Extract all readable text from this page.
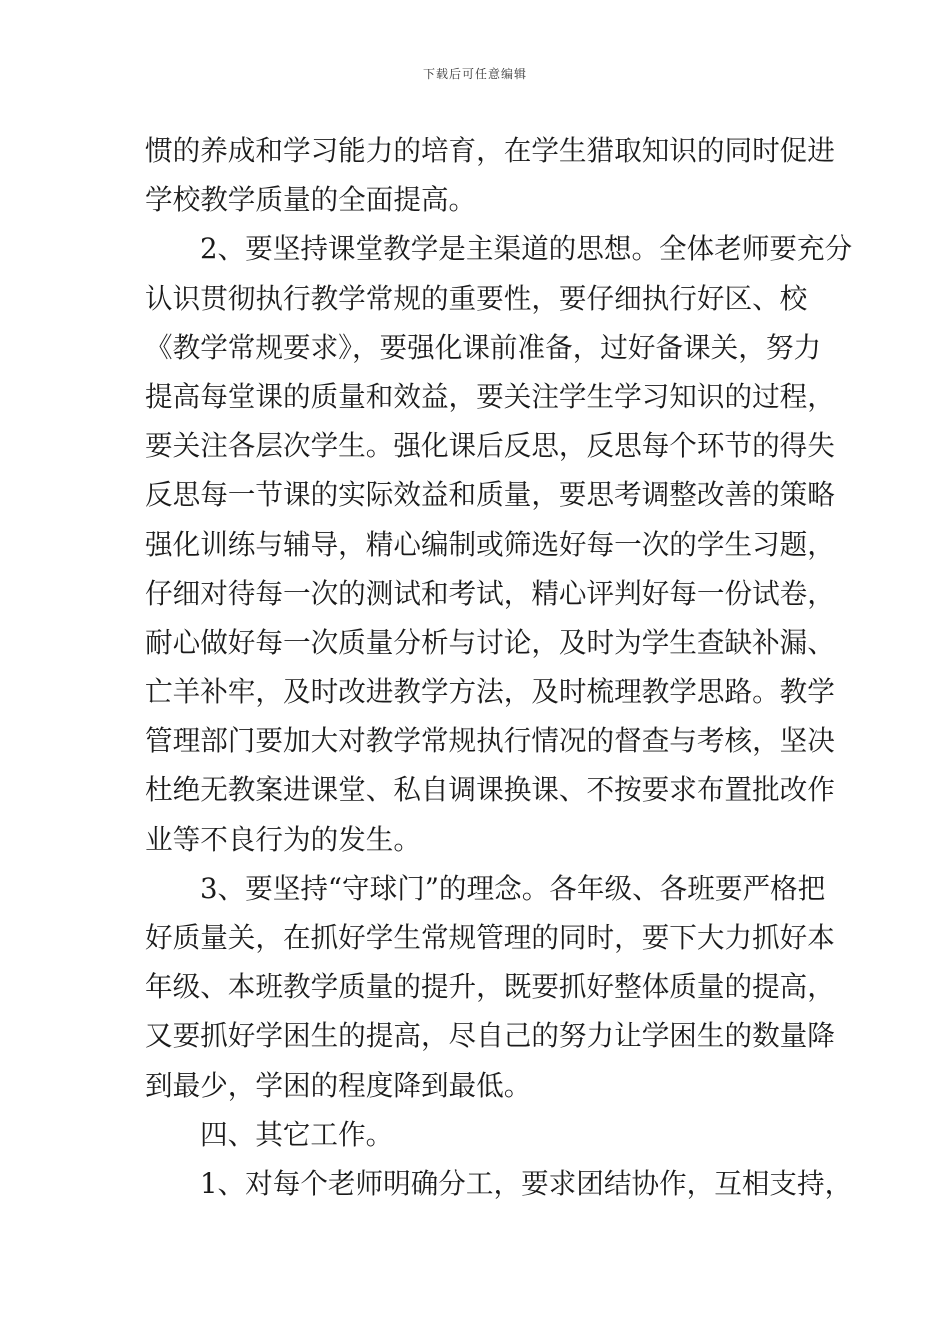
下载后可任意编辑
惯的养成和学习能力的培育，在学生猎取知识的同时促进
学校教学质量的全面提高。
2、要坚持课堂教学是主渠道的思想。全体老师要充分
认识贯彻执行教学常规的重要性，要仔细执行好区、校
《教学常规要求》，要强化课前准备，过好备课关，努力
提高每堂课的质量和效益，要关注学生学习知识的过程，
要关注各层次学生。强化课后反思，反思每个环节的得失
反思每一节课的实际效益和质量，要思考调整改善的策略
强化训练与辅导，精心编制或筛选好每一次的学生习题，
仔细对待每一次的测试和考试，精心评判好每一份试卷，
耐心做好每一次质量分析与讨论，及时为学生查缺补漏、
亡羊补牢，及时改进教学方法，及时梳理教学思路。教学
管理部门要加大对教学常规执行情况的督查与考核，坚决
杜绝无教案进课堂、私自调课换课、不按要求布置批改作
业等不良行为的发生。
3、要坚持“守球门”的理念。各年级、各班要严格把
好质量关，在抓好学生常规管理的同时，要下大力抓好本
年级、本班教学质量的提升，既要抓好整体质量的提高，
又要抓好学困生的提高，尽自己的努力让学困生的数量降
到最少，学困的程度降到最低。
四、其它工作。
1、对每个老师明确分工，要求团结协作，互相支持，
